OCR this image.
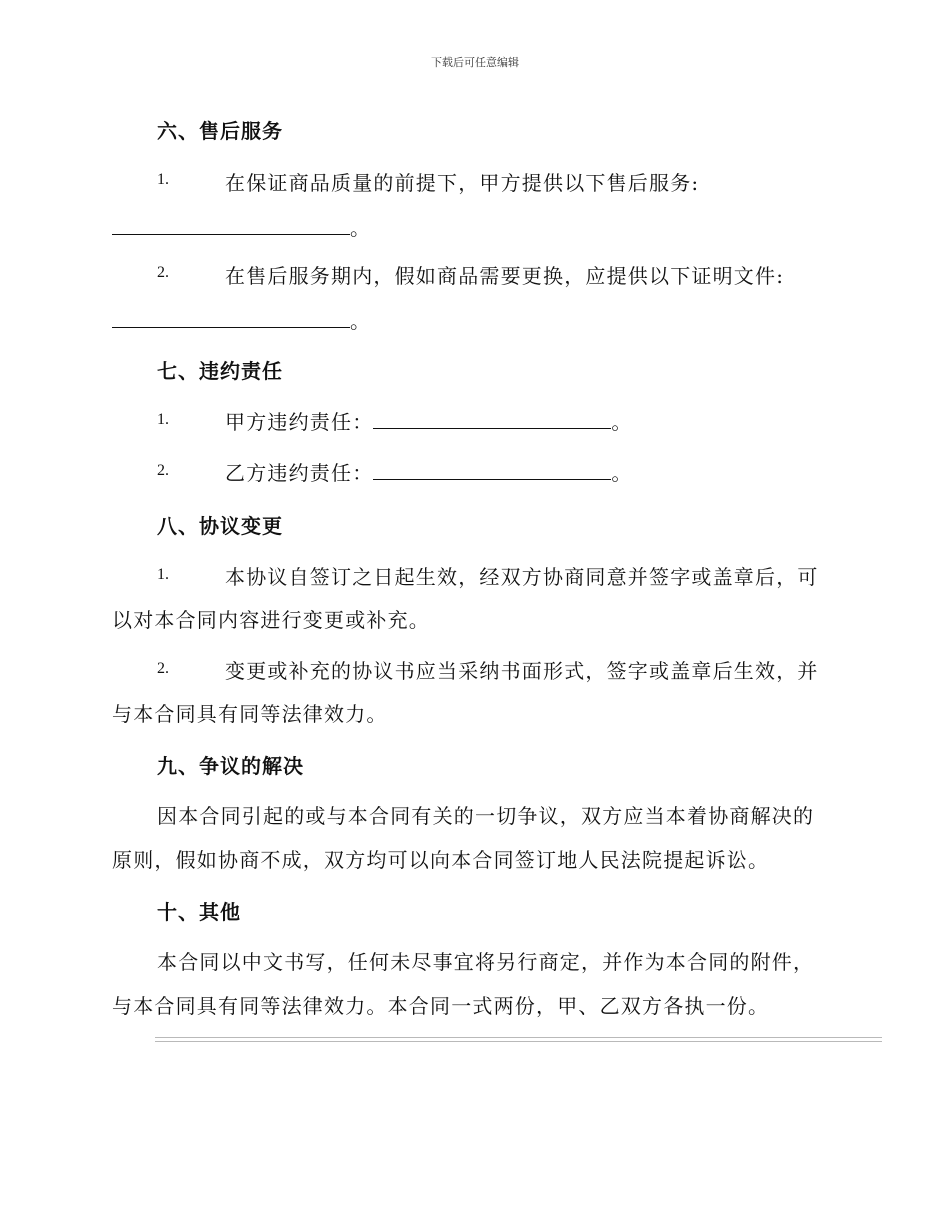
下载后可任意编辑
六、售后服务
1.	在保证商品质量的前提下，甲方提供以下售后服务:
。
2.	在售后服务期内，假如商品需要更换，应提供以下证明文件:
。
七、违约责任
1.	甲方违约责任：	。
2.	乙方违约责任：	。
八、协议变更
1.	本协议自签订之日起生效，经双方协商同意并签字或盖章后，可
以对本合同内容进行变更或补充。
2.	变更或补充的协议书应当采纳书面形式，签字或盖章后生效，并
与本合同具有同等法律效力。
九、争议的解决
因本合同引起的或与本合同有关的一切争议，双方应当本着协商解决的
原则，假如协商不成，双方均可以向本合同签订地人民法院提起诉讼。
十、其他
本合同以中文书写，任何未尽事宜将另行商定，并作为本合同的附件，
与本合同具有同等法律效力。本合同一式两份，甲、乙双方各执一份。
